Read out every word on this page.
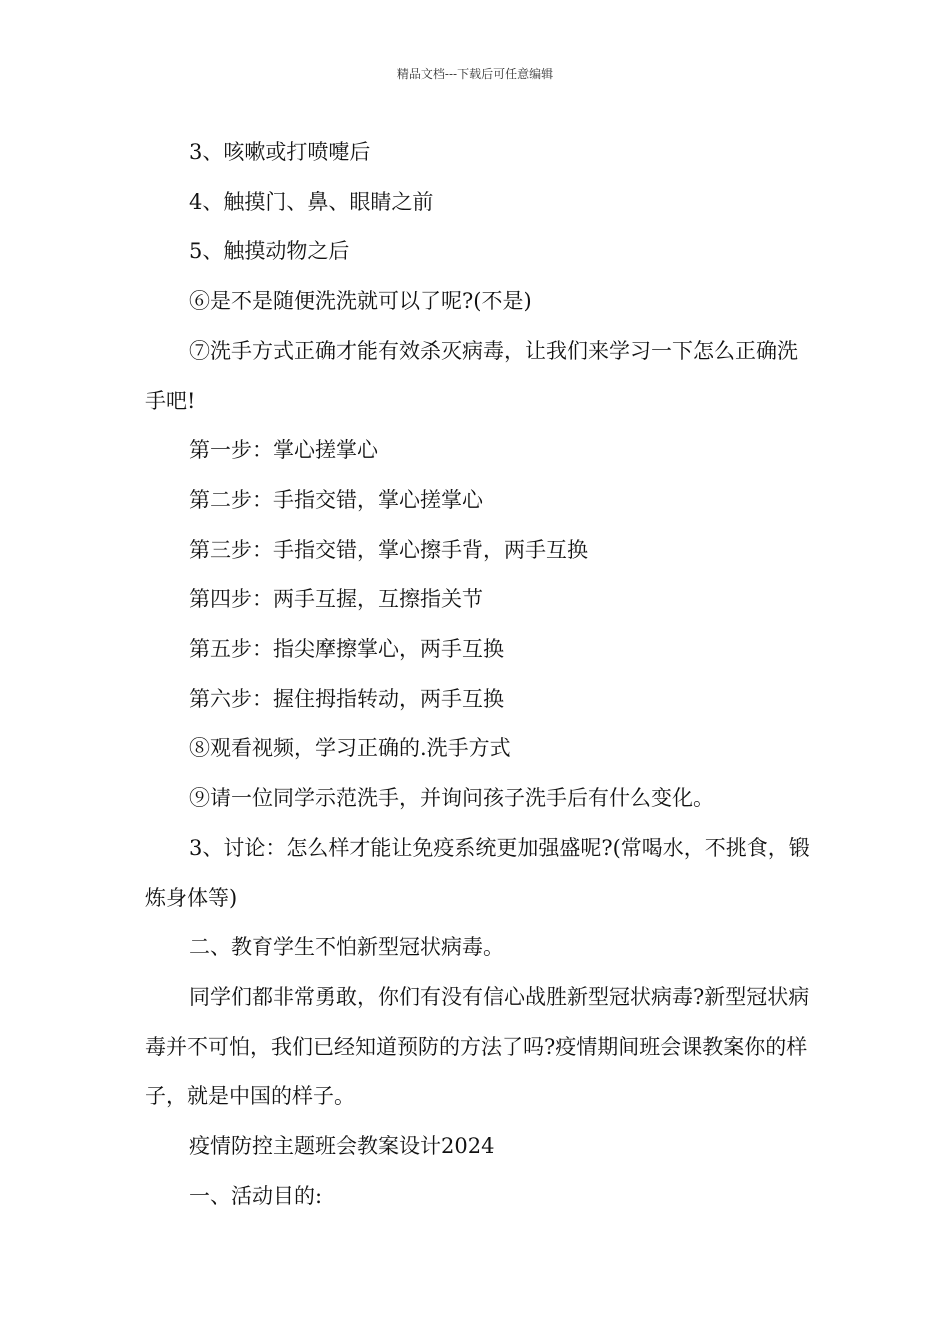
精品文档---下载后可任意编辑

3、咳嗽或打喷嚏后

4、触摸门、鼻、眼睛之前

5、触摸动物之后

⑥是不是随便洗洗就可以了呢?(不是)

⑦洗手方式正确才能有效杀灭病毒，让我们来学习一下怎么正确洗手吧!

第一步：掌心搓掌心

第二步：手指交错，掌心搓掌心

第三步：手指交错，掌心擦手背，两手互换

第四步：两手互握，互擦指关节

第五步：指尖摩擦掌心，两手互换

第六步：握住拇指转动，两手互换

⑧观看视频，学习正确的.洗手方式

⑨请一位同学示范洗手，并询问孩子洗手后有什么变化。

3、讨论：怎么样才能让免疫系统更加强盛呢?(常喝水，不挑食，锻炼身体等)

二、教育学生不怕新型冠状病毒。

同学们都非常勇敢，你们有没有信心战胜新型冠状病毒?新型冠状病毒并不可怕，我们已经知道预防的方法了吗?疫情期间班会课教案你的样子，就是中国的样子。

疫情防控主题班会教案设计2024

一、活动目的:
